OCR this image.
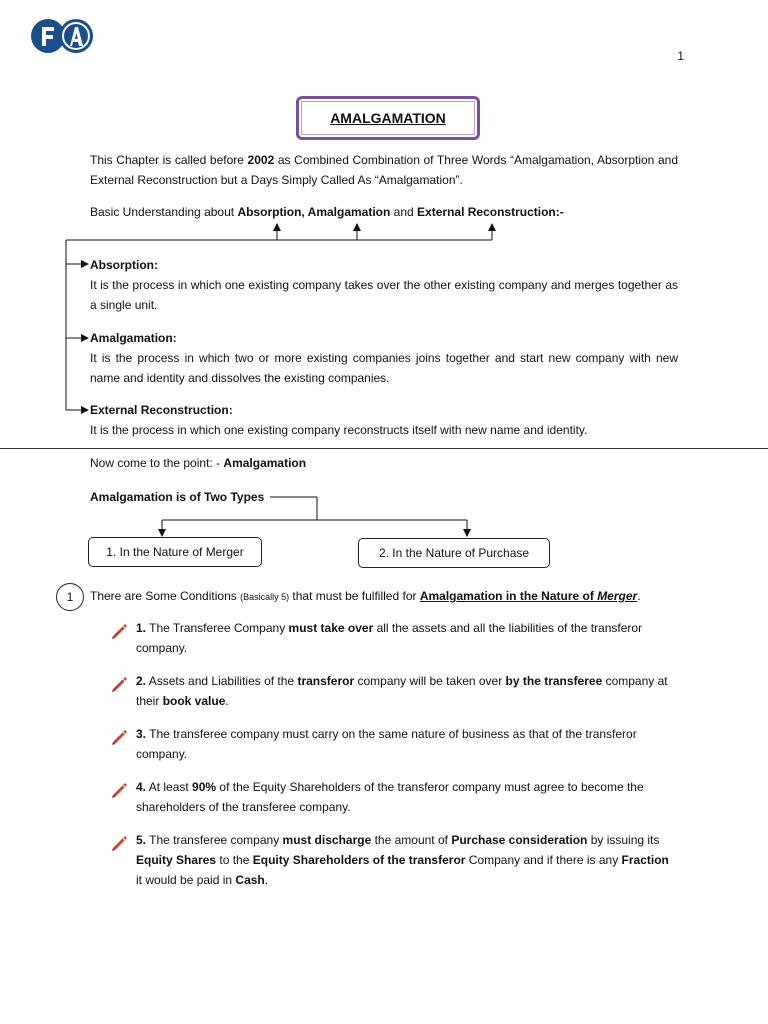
1
AMALGAMATION
This Chapter is called before 2002 as Combined Combination of Three Words “Amalgamation, Absorption and External Reconstruction but a Days Simply Called As “Amalgamation”.
Basic Understanding about Absorption, Amalgamation and External Reconstruction:-
Absorption:
It is the process in which one existing company takes over the other existing company and merges together as a single unit.
Amalgamation:
It is the process in which two or more existing companies joins together and start new company with new name and identity and dissolves the existing companies.
External Reconstruction:
It is the process in which one existing company reconstructs itself with new name and identity.
Now come to the point: - Amalgamation
Amalgamation is of Two Types
1. In the Nature of Merger	2. In the Nature of Purchase
1	There are Some Conditions (Basically 5) that must be fulfilled for Amalgamation in the Nature of Merger.
1. The Transferee Company must take over all the assets and all the liabilities of the transferor company.
2. Assets and Liabilities of the transferor company will be taken over by the transferee company at their book value.
3. The transferee company must carry on the same nature of business as that of the transferor company.
4. At least 90% of the Equity Shareholders of the transferor company must agree to become the shareholders of the transferee company.
5. The transferee company must discharge the amount of Purchase consideration by issuing its Equity Shares to the Equity Shareholders of the transferor Company and if there is any Fraction it would be paid in Cash.
